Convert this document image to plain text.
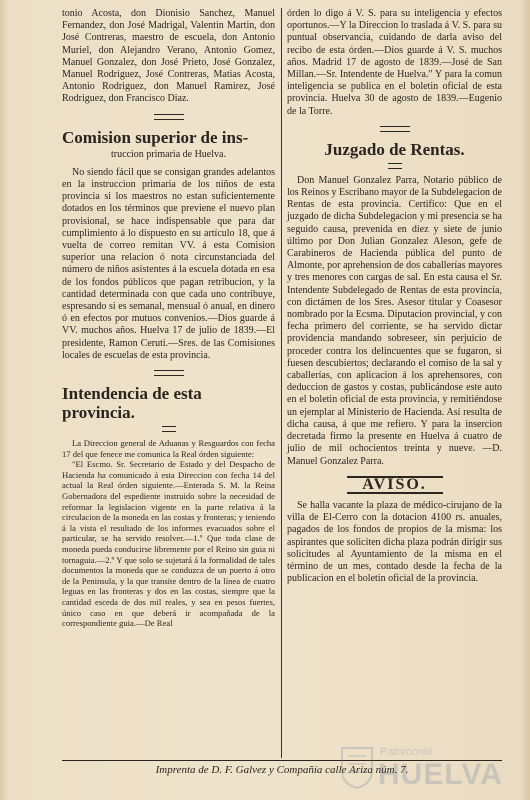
tonio Acosta, don Dionisio Sanchez, Manuel Fernandez, don José Madrigal, Valentin Martin, don José Contreras, maestro de escuela, don Antonio Muriel, don Alejandro Verano, Antonio Gomez, Manuel Gonzalez, don José Prieto, José Gonzalez, Manuel Rodriguez, José Contreras, Matias Acosta, Antonio Rodriguez, don Manuel Ramirez, José Rodriguez, don Francisco Diaz.

Comision superior de ins-
truccion primaria de Huelva.

No siendo fácil que se consigan grandes adelantos en la instruccion primaria de los niños de esta provincia si los maestros no estan suficientemente dotados en los términos que previene el nuevo plan provisional, se hace indispensable que para dar cumplimiento á lo dispuesto en su artículo 18, que á vuelta de correo remitan VV. á esta Comision superior una relacion ó nota circunstanciada del número de niños asistentes á la escuela dotada en esa de los fondos públicos que pagan retribucion, y la cantidad determinada con que cada uno contribuye, espresando si es semanal, mensual ó anual, en dinero ó en efectos por mutuos convenios.—Dios guarde á VV. muchos años. Huelva 17 de julio de 1839.—El presidente, Ramon Ceruti.—Sres. de las Comisiones locales de escuelas de esta provincia.

Intendencia de esta provincia.

La Direccion general de Aduanas y Resguardos con fecha 17 del que fenece me comunica la Real órden siguiente:

"El Escmo. Sr. Secretario de Estado y del Despacho de Hacienda ha comunicado á esta Direccion con fecha 14 del actual la Real órden siguiente.—Enterada S. M. la Reina Gobernadora del espediente instruido sobre la necesidad de reformar la legislacion vigente en la parte relativa á la circulacion de la moneda en las costas y fronteras; y teniendo á la vista el resultado de los informes evacuados sobre el particular, se ha servido resolver.—1.º Que toda clase de moneda pueda conducirse libremente por el Reino sin guia ni tornaguia.—2.º Y que solo se sujetará á la formalidad de tales documentos la moneda que se conduzca de un puerto á otro de la Peninsula, y la que transite dentro de la línea de cuatro leguas en las fronteras y dos en las costas, siempre que la cantidad esceda de dos mil reales, y sea en pesos fuertes, único caso en que deberá ir acompañada de la correspondiente guia.—De Real

órden lo digo á V. S. para su inteligencia y efectos oportunos.—Y la Direccion lo traslada á V. S. para su puntual observancia, cuidando de darla aviso del recibo de esta órden.—Dios guarde á V. S. muchos años. Madrid 17 de agosto de 1839.—José de San Millan.—Sr. Intendente de Huelva." Y para la comun inteligencia se publica en el boletin oficial de esta provincia. Huelva 30 de agosto de 1839.—Eugenio de la Torre.

Juzgado de Rentas.

Don Manuel Gonzalez Parra, Notario público de los Reinos y Escribano mayor de la Subdelegacion de Rentas de esta provincia. Certifico: Que en el juzgado de dicha Subdelegacion y mi presencia se ha seguido causa, prevenida en diez y siete de junio último por Don Julian Gonzalez Aleson, gefe de Carabineros de Hacienda pública del punto de Almonte, por aprehension de dos caballerías mayores y tres menores con cargas de sal. En esta causa el Sr. Intendente Subdelegado de Rentas de esta provincia, con dictámen de los Sres. Asesor titular y Coasesor nombrado por la Ecsma. Diputacion provincial, y con fecha primero del corriente, se ha servido dictar providencia mandando sobreseer, sin perjuicio de proceder contra los delincuentes que se fugaron, si fuesen descubiertos; declarando el comiso de la sal y caballerías, con aplicacion á los aprehensores, con deduccion de gastos y costas, publicándose este auto en el boletin oficial de esta provincia, y remitiéndose un ejemplar al Ministerio de Hacienda. Así resulta de dicha causa, á que me refiero. Y para la insercion decretada firmo la presente en Huelva á cuatro de julio de mil ochocientos treinta y nueve. —D. Manuel Gonzalez Parra.

AVISO.

Se halla vacante la plaza de médico-cirujano de la villa de El-Cerro con la dotacion 4100 rs. anuales, pagados de los fondos de propios de la misma: los aspirantes que soliciten dicha plaza podrán dirigir sus solicitudes al Ayuntamiento de la misma en el término de un mes, contado desde la fecha de la publicacion en el boletin oficial de la provincia.

Imprenta de D. F. Galvez y Compañía calle Ariza núm. 7.
Patrimonio
HUELVA
